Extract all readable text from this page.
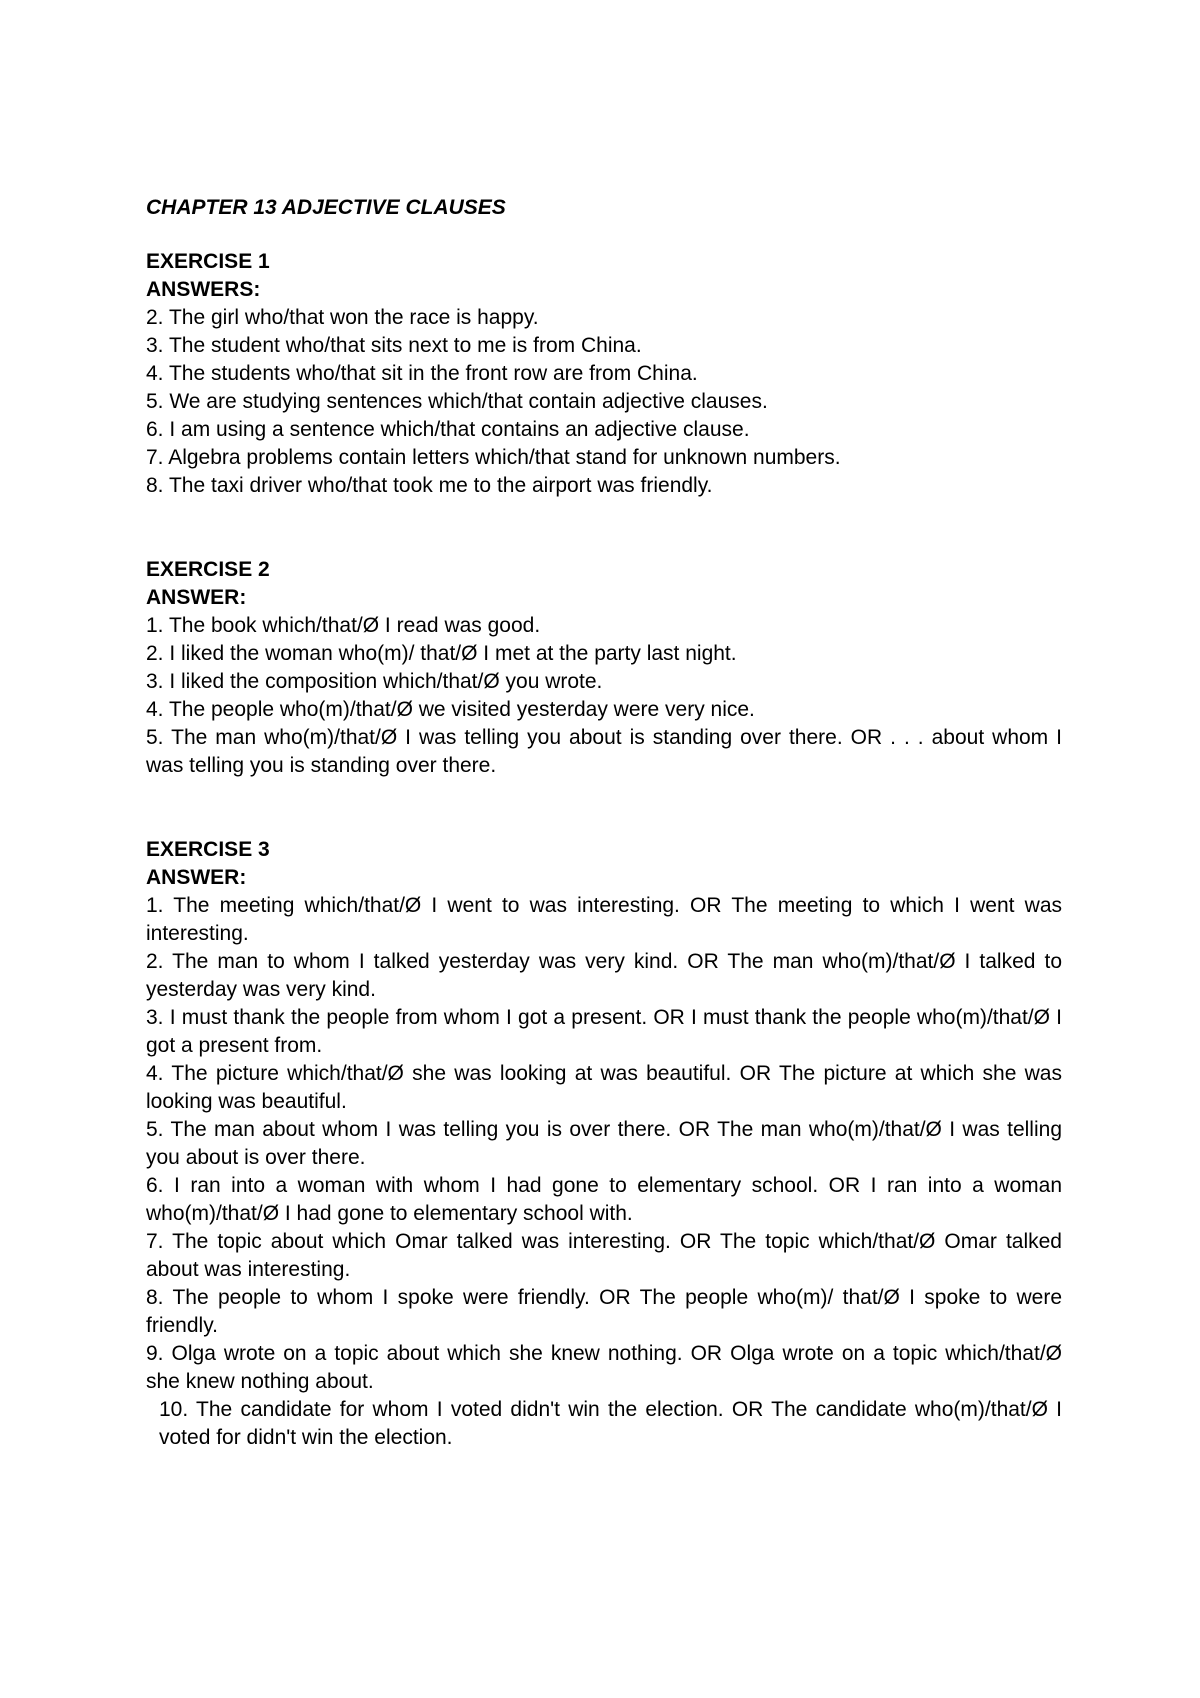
CHAPTER 13 ADJECTIVE CLAUSES
EXERCISE 1
ANSWERS:
2. The girl who/that won the race is happy.
3. The student who/that sits next to me is from China.
4. The students who/that sit in the front row are from China.
5. We are studying sentences which/that contain adjective clauses.
6. I am using a sentence which/that contains an adjective clause.
7. Algebra problems contain letters which/that stand for unknown numbers.
8. The taxi driver who/that took me to the airport was friendly.
EXERCISE 2
ANSWER:
1. The book which/that/Ø I read was good.
2. I liked the woman who(m)/ that/Ø I met at the party last night.
3. I liked the composition which/that/Ø you wrote.
4. The people who(m)/that/Ø we visited yesterday were very nice.
5. The man who(m)/that/Ø I was telling you about is standing over there. OR . . . about whom I was telling you is standing over there.
EXERCISE 3
ANSWER:
1. The meeting which/that/Ø I went to was interesting. OR The meeting to which I went was interesting.
2. The man to whom I talked yesterday was very kind. OR The man who(m)/that/Ø I talked to yesterday was very kind.
3. I must thank the people from whom I got a present. OR I must thank the people who(m)/that/Ø I got a present from.
4. The picture which/that/Ø she was looking at was beautiful. OR The picture at which she was looking was beautiful.
5. The man about whom I was telling you is over there. OR The man who(m)/that/Ø I was telling you about is over there.
6. I ran into a woman with whom I had gone to elementary school. OR I ran into a woman who(m)/that/Ø I had gone to elementary school with.
7. The topic about which Omar talked was interesting. OR The topic which/that/Ø Omar talked about was interesting.
8. The people to whom I spoke were friendly. OR The people who(m)/ that/Ø I spoke to were friendly.
9. Olga wrote on a topic about which she knew nothing. OR Olga wrote on a topic which/that/Ø she knew nothing about.
10. The candidate for whom I voted didn't win the election. OR The candidate who(m)/that/Ø I voted for didn't win the election.
